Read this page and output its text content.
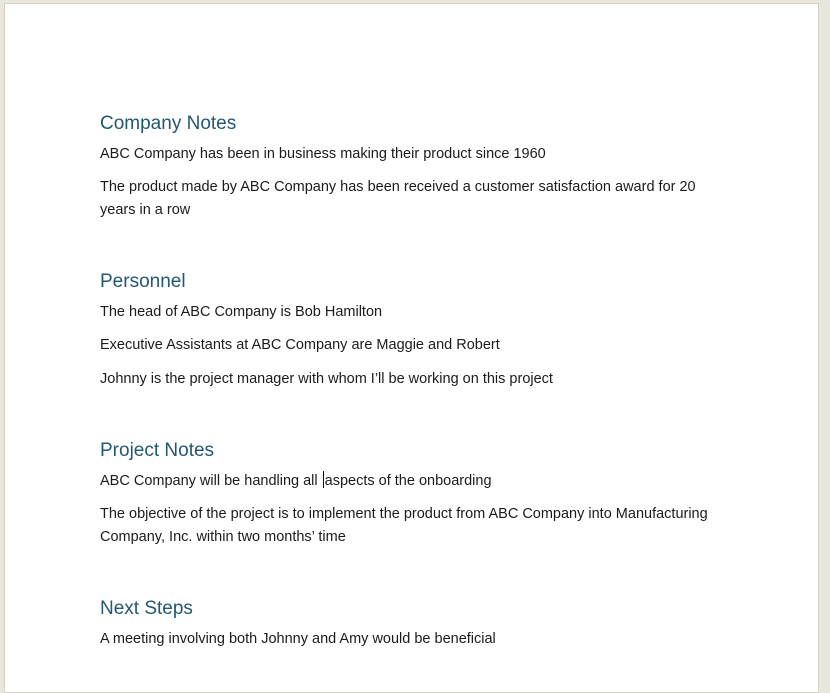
Company Notes

ABC Company has been in business making their product since 1960

The product made by ABC Company has been received a customer satisfaction award for 20 years in a row

Personnel

The head of ABC Company is Bob Hamilton

Executive Assistants at ABC Company are Maggie and Robert

Johnny is the project manager with whom I’ll be working on this project

Project Notes

ABC Company will be handling all aspects of the onboarding

The objective of the project is to implement the product from ABC Company into Manufacturing Company, Inc. within two months’ time

Next Steps

A meeting involving both Johnny and Amy would be beneficial
